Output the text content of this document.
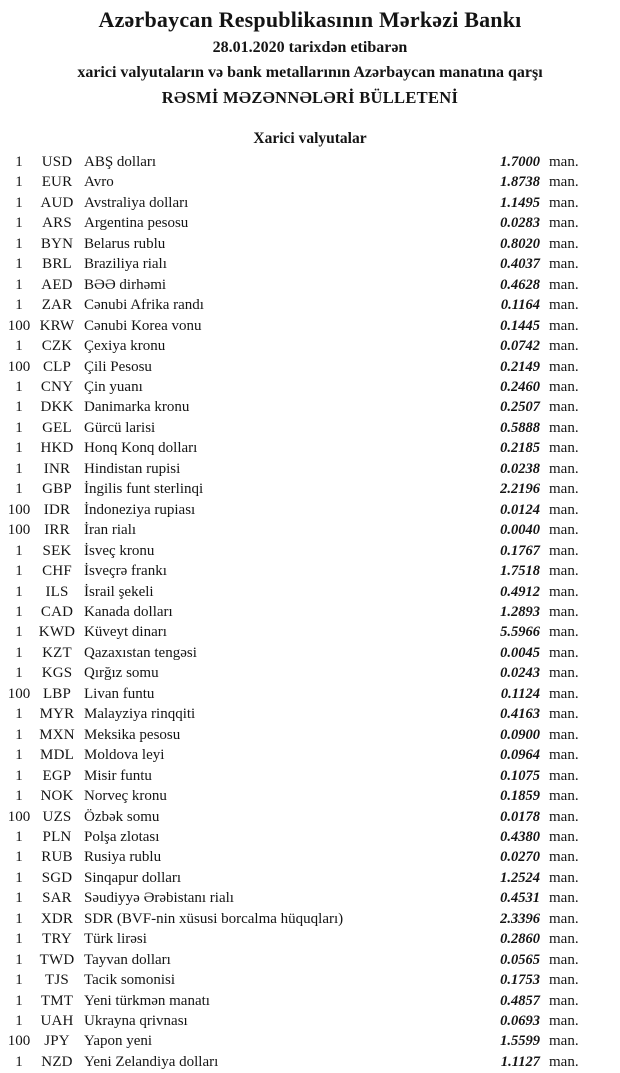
Azərbaycan Respublikasının Mərkəzi Bankı
28.01.2020 tarixdən etibarən
xarici valyutaların və bank metallarının Azərbaycan manatına qarşı
RƏSMİ MƏZƏNNƏLƏRİ BÜLLETENİ
Xarici valyutalar
1	USD ABŞ dolları	1.7000 man.
1	EUR Avro	1.8738 man.
1	AUD Avstraliya dolları	1.1495 man.
1	ARS Argentina pesosu	0.0283 man.
1	BYN Belarus rublu	0.8020 man.
1	BRL Braziliya rialı	0.4037 man.
1	AED BƏƏ dirhəmi	0.4628 man.
1	ZAR Cənubi Afrika randı	0.1164 man.
100 KRW Cənubi Korea vonu	0.1445 man.
1	CZK Çexiya kronu	0.0742 man.
100 CLP Çili Pesosu	0.2149 man.
1	CNY Çin yuanı	0.2460 man.
1	DKK Danimarka kronu	0.2507 man.
1	GEL Gürcü larisi	0.5888 man.
1	HKD Honq Konq dolları	0.2185 man.
1	INR Hindistan rupisi	0.0238 man.
1	GBP İngilis funt sterlinqi	2.2196 man.
100 IDR İndoneziya rupiası	0.0124 man.
100 IRR İran rialı	0.0040 man.
1	SEK İsveç kronu	0.1767 man.
1	CHF İsveçrə frankı	1.7518 man.
1	ILS	İsrail şekeli	0.4912 man.
1	CAD Kanada dolları	1.2893 man.
1	KWD Küveyt dinarı	5.5966 man.
1	KZT Qazaxıstan tengəsi	0.0045 man.
1	KGS Qırğız somu	0.0243 man.
100 LBP Livan funtu	0.1124 man.
1	MYR Malayziya rinqqiti	0.4163 man.
1	MXN Meksika pesosu	0.0900 man.
1	MDL Moldova leyi	0.0964 man.
1	EGP Misir funtu	0.1075 man.
1	NOK Norveç kronu	0.1859 man.
100 UZS Özbək somu	0.0178 man.
1	PLN Polşa zlotası	0.4380 man.
1	RUB Rusiya rublu	0.0270 man.
1	SGD Sinqapur dolları	1.2524 man.
1	SAR Səudiyyə Ərəbistanı rialı	0.4531 man.
1	XDR SDR (BVF-nin xüsusi borcalma hüquqları)	2.3396 man.
1	TRY Türk lirəsi	0.2860 man.
1	TWD Tayvan dolları	0.0565 man.
1	TJS	Tacik somonisi	0.1753 man.
1	TMT Yeni türkmən manatı	0.4857 man.
1	UAH Ukrayna qrivnası	0.0693 man.
100 JPY Yapon yeni	1.5599 man.
1	NZD Yeni Zelandiya dolları	1.1127 man.
